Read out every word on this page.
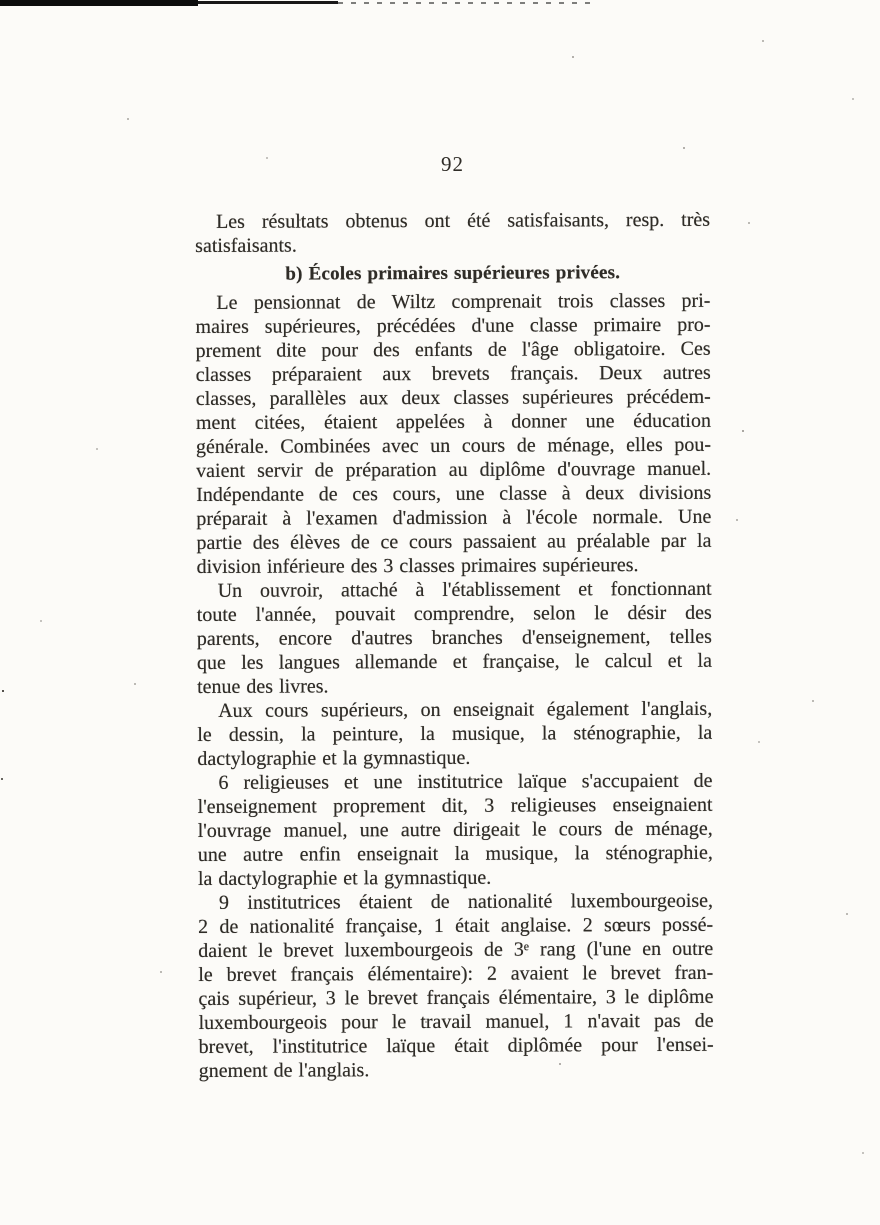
92

Les résultats obtenus ont été satisfaisants, resp. très
satisfaisants.

b) Écoles primaires supérieures privées.

Le pensionnat de Wiltz comprenait trois classes pri-
maires supérieures, précédées d'une classe primaire pro-
prement dite pour des enfants de l'âge obligatoire. Ces
classes préparaient aux brevets français. Deux autres
classes, parallèles aux deux classes supérieures précédem-
ment citées, étaient appelées à donner une éducation
générale. Combinées avec un cours de ménage, elles pou-
vaient servir de préparation au diplôme d'ouvrage manuel.
Indépendante de ces cours, une classe à deux divisions
préparait à l'examen d'admission à l'école normale. Une
partie des élèves de ce cours passaient au préalable par la
division inférieure des 3 classes primaires supérieures.

Un ouvroir, attaché à l'établissement et fonctionnant
toute l'année, pouvait comprendre, selon le désir des
parents, encore d'autres branches d'enseignement, telles
que les langues allemande et française, le calcul et la
tenue des livres.

Aux cours supérieurs, on enseignait également l'anglais,
le dessin, la peinture, la musique, la sténographie, la
dactylographie et la gymnastique.

6 religieuses et une institutrice laïque s'accupaient de
l'enseignement proprement dit, 3 religieuses enseignaient
l'ouvrage manuel, une autre dirigeait le cours de ménage,
une autre enfin enseignait la musique, la sténographie,
la dactylographie et la gymnastique.

9 institutrices étaient de nationalité luxembourgeoise,
2 de nationalité française, 1 était anglaise. 2 sœurs possé-
daient le brevet luxembourgeois de 3ᵉ rang (l'une en outre
le brevet français élémentaire): 2 avaient le brevet fran-
çais supérieur, 3 le brevet français élémentaire, 3 le diplôme
luxembourgeois pour le travail manuel, 1 n'avait pas de
brevet, l'institutrice laïque était diplômée pour l'ensei-
gnement de l'anglais.
